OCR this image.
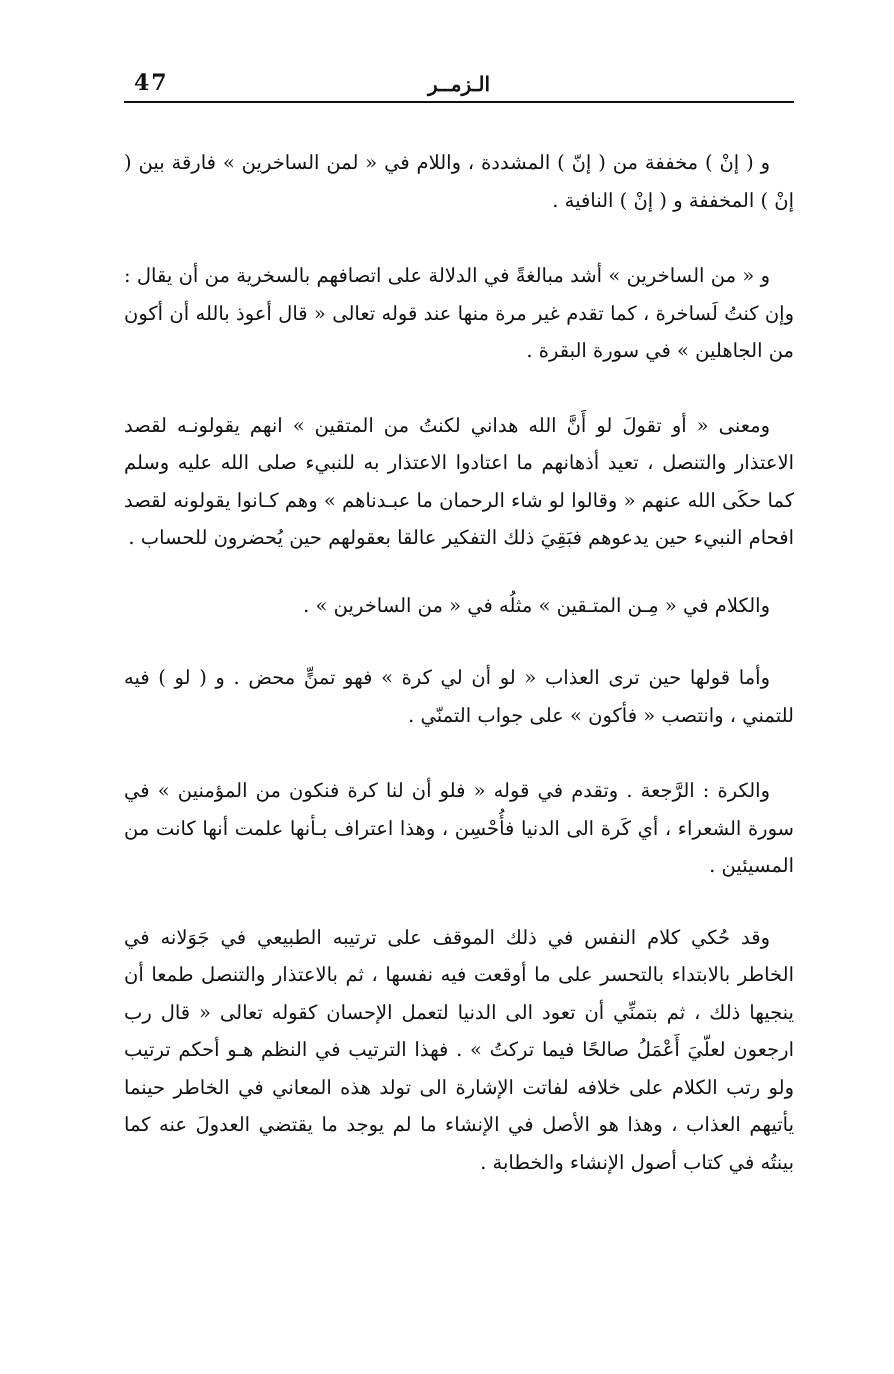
47	الـزمــر

و ( إنْ ) مخففة من ( إنّ ) المشددة ، واللام في « لمن الساخرين » فارقة بين ( إنْ ) المخففة و ( إنْ ) النافية .

و « من الساخرين » أشد مبالغةً في الدلالة على اتصافهم بالسخرية من أن يقال : وإن كنتُ لَساخرة ، كما تقدم غير مرة منها عند قوله تعالى « قال أعوذ بالله أن أكون من الجاهلين » في سورة البقرة .

ومعنى « أو تقولَ لو أَنَّ الله هداني لكنتُ من المتقين » انهم يقولونـه لقصد الاعتذار والتنصل ، تعيد أذهانهم ما اعتادوا الاعتذار به للنبيء صلى الله عليه وسلم كما حكَى الله عنهم « وقالوا لو شاء الرحمان ما عبـدناهم » وهم كـانوا يقولونه لقصد افحام النبيء حين يدعوهم فبَقِيَ ذلك التفكير عالقا بعقولهم حين يُحضرون للحساب .

والكلام في « مِـن المتـقين » مثلُه في « من الساخرين » .

وأما قولها حين ترى العذاب « لو أن لي كرة » فهو تمنٍّ محض . و ( لو ) فيه للتمني ، وانتصب « فأكون » على جواب التمنّي .

والكرة : الرَّجعة . وتقدم في قوله « فلو أن لنا كرة فنكون من المؤمنين » في سورة الشعراء ، أي كَرة الى الدنيا فأُحْسِن ، وهذا اعتراف بـأنها علمت أنها كانت من المسيئين .

وقد حُكي كلام النفس في ذلك الموقف على ترتيبه الطبيعي في جَوَلانه في الخاطر بالابتداء بالتحسر على ما أوقعت فيه نفسها ، ثم بالاعتذار والتنصل طمعا أن ينجيها ذلك ، ثم بتمنِّي أن تعود الى الدنيا لتعمل الإحسان كقوله تعالى « قال رب ارجعون لعلّيَ أَعْمَلُ صالحًا فيما تركتُ » . فهذا الترتيب في النظم هـو أحكم ترتيب ولو رتب الكلام على خلافه لفاتت الإشارة الى تولد هذه المعاني في الخاطر حينما يأتيهم العذاب ، وهذا هو الأصل في الإنشاء ما لم يوجد ما يقتضي العدولَ عنه كما بينتُه في كتاب أصول الإنشاء والخطابة .
